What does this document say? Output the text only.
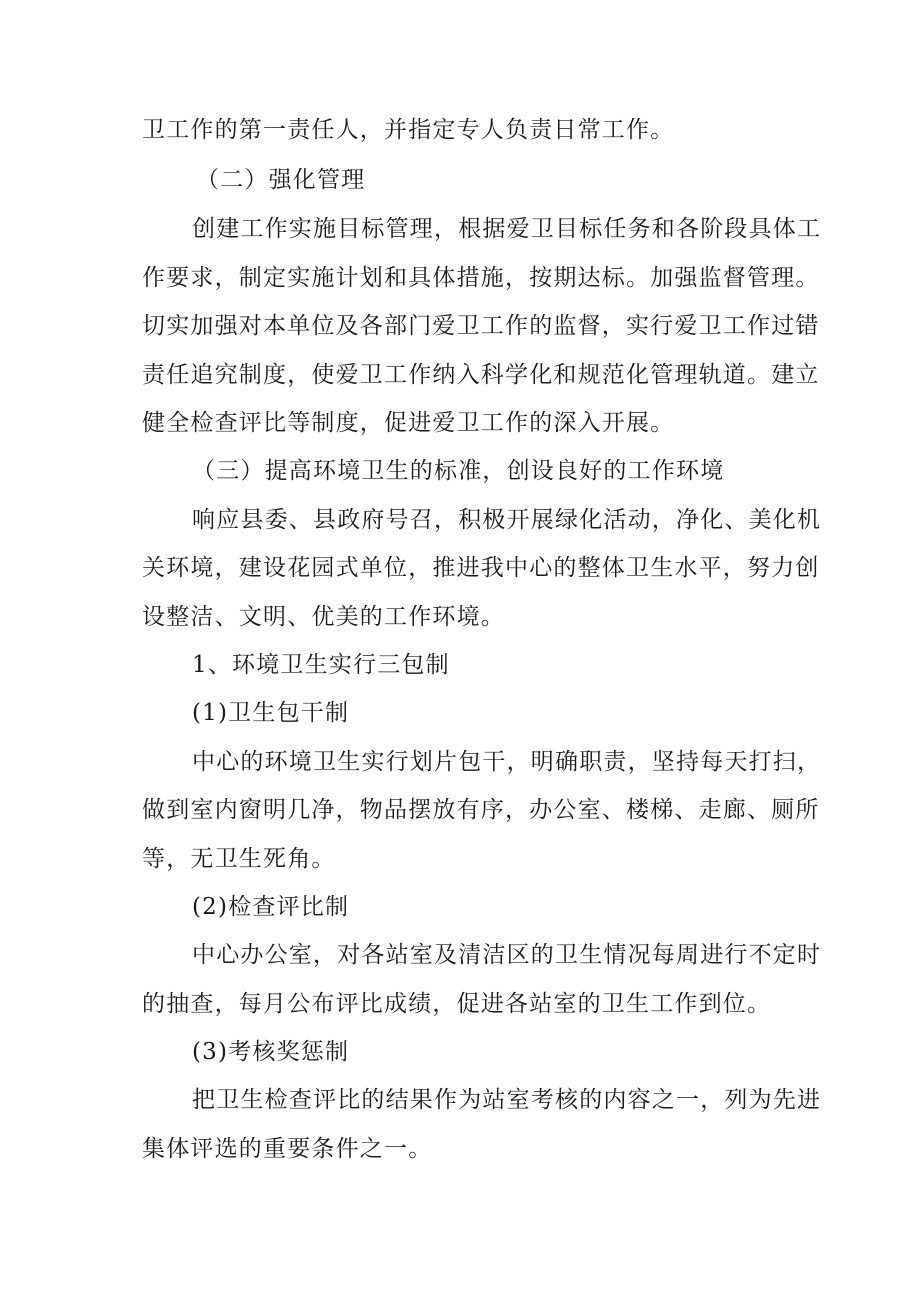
卫工作的第一责任人，并指定专人负责日常工作。
（二）强化管理
创建工作实施目标管理，根据爱卫目标任务和各阶段具体工
作要求，制定实施计划和具体措施，按期达标。加强监督管理。
切实加强对本单位及各部门爱卫工作的监督，实行爱卫工作过错
责任追究制度，使爱卫工作纳入科学化和规范化管理轨道。建立
健全检查评比等制度，促进爱卫工作的深入开展。
（三）提高环境卫生的标准，创设良好的工作环境
响应县委、县政府号召，积极开展绿化活动，净化、美化机
关环境，建设花园式单位，推进我中心的整体卫生水平，努力创
设整洁、文明、优美的工作环境。
1、环境卫生实行三包制
(1)卫生包干制
中心的环境卫生实行划片包干，明确职责，坚持每天打扫，
做到室内窗明几净，物品摆放有序，办公室、楼梯、走廊、厕所
等，无卫生死角。
(2)检查评比制
中心办公室，对各站室及清洁区的卫生情况每周进行不定时
的抽查，每月公布评比成绩，促进各站室的卫生工作到位。
(3)考核奖惩制
把卫生检查评比的结果作为站室考核的内容之一，列为先进
集体评选的重要条件之一。
